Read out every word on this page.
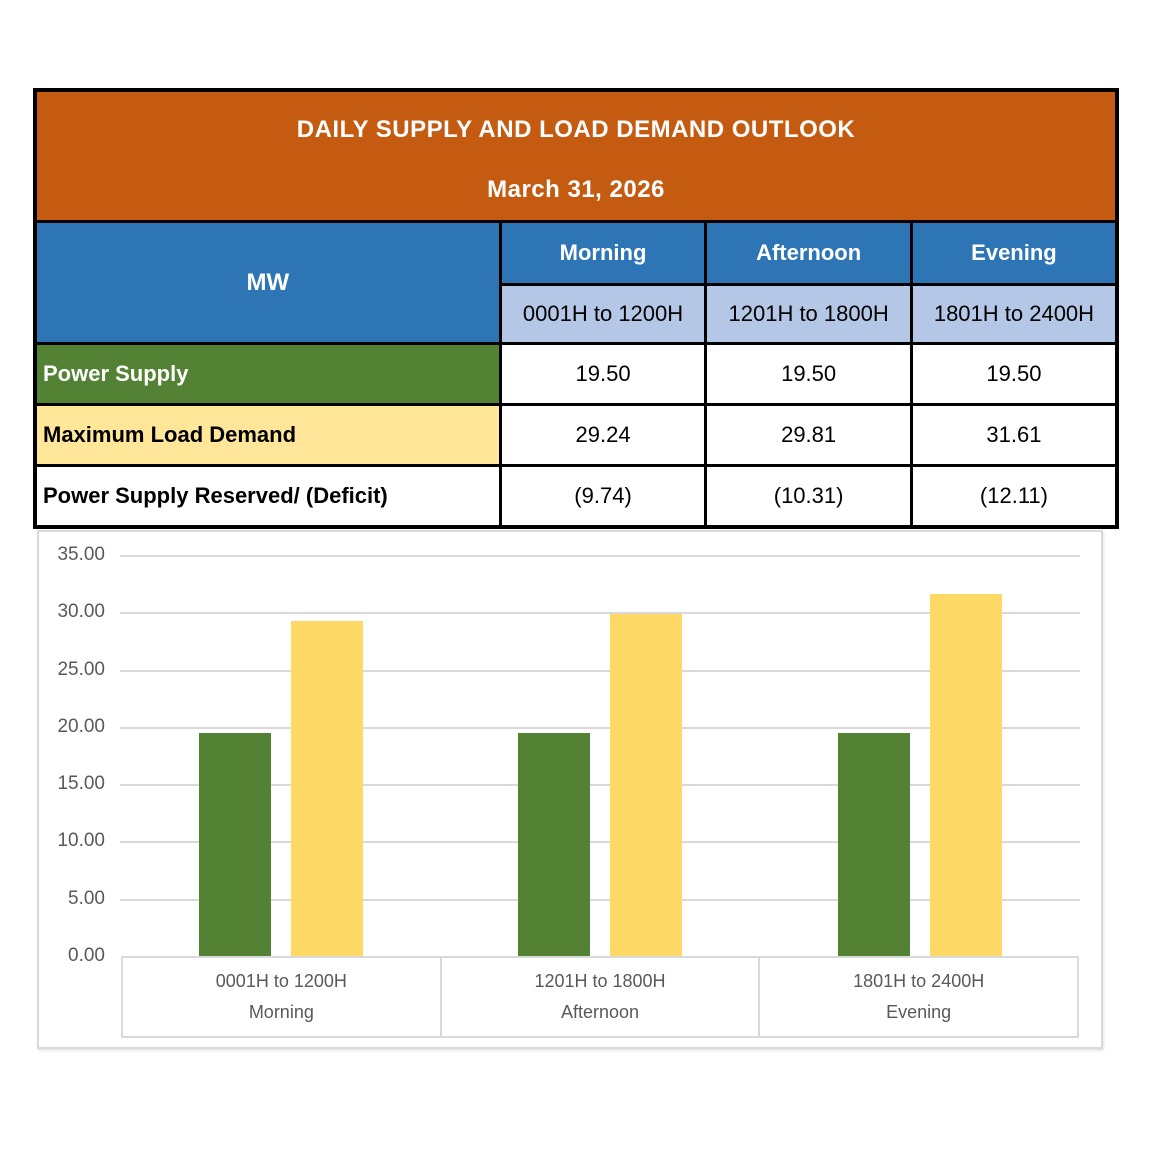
DAILY SUPPLY AND LOAD DEMAND OUTLOOK
March 31, 2026			

MW	Morning	Afternoon	Evening
	0001H to 1200H	1201H to 1800H	1801H to 2400H
Power Supply	19.50	19.50	19.50
Maximum Load Demand	29.24	29.81	31.61
Power Supply Reserved/ (Deficit)	(9.74)	(10.31)	(12.11)
0.00
5.00
10.00
15.00
20.00
25.00
30.00
35.00
0001H to 1200H
Morning
1201H to 1800H
Afternoon
1801H to 2400H
Evening
